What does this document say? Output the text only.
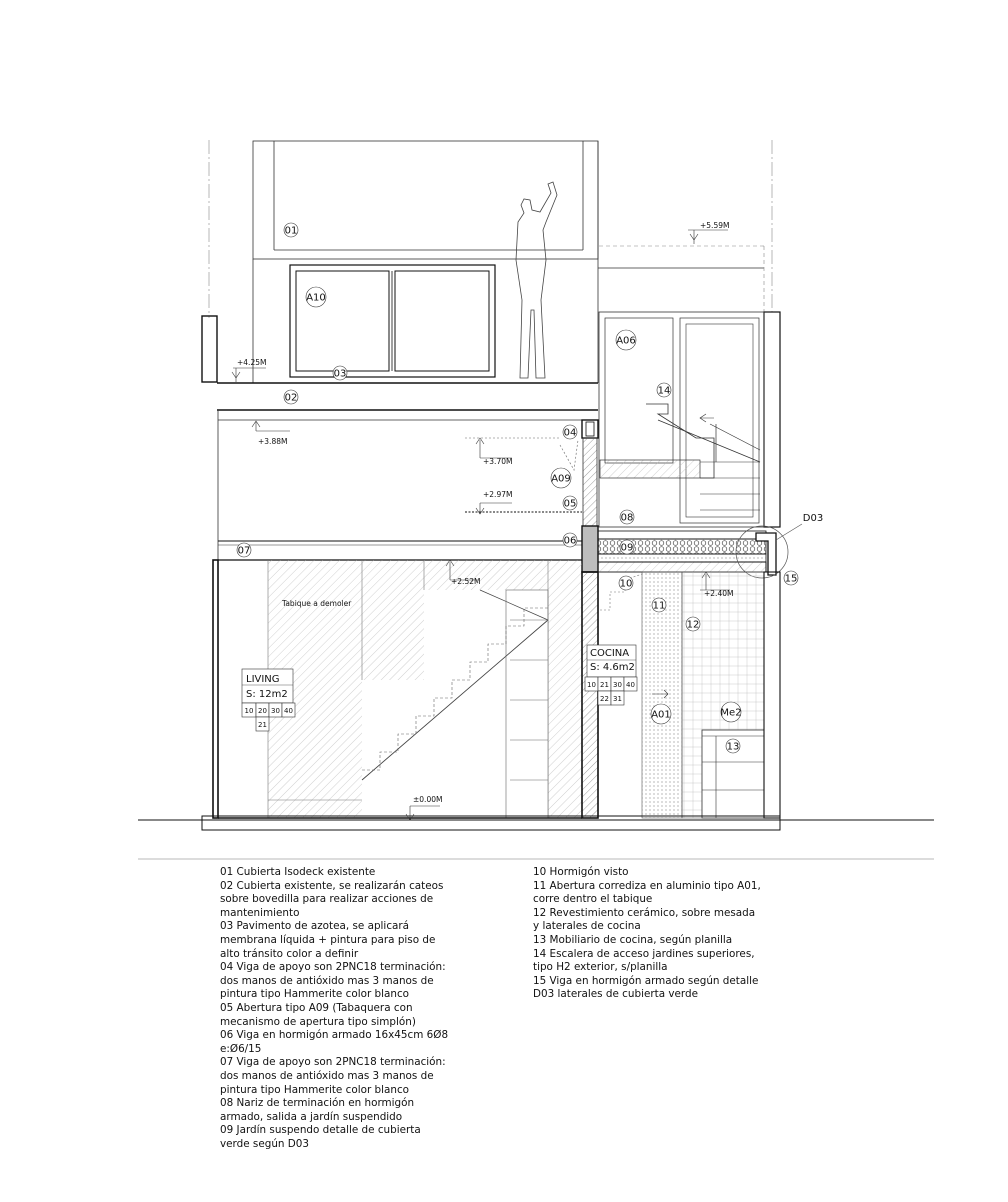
01
A10
03
02
A06
14
04
A09
05
08
06
09
07
D03
15
10
11
12
A01	Me2
13
+5.59M
+4.25M
+3.88M
+3.70M
+2.97M
+2.52M
+2.40M
±0.00M
Tabique a demoler
LIVING
S: 12m2
10 20 30 40
21
COCINA
S: 4.6m2
10 21 30 40
22 31
01 Cubierta Isodeck existente
02 Cubierta existente, se realizarán cateos
sobre bovedilla para realizar acciones de
mantenimiento
03 Pavimento de azotea, se aplicará
membrana líquida + pintura para piso de
alto tránsito color a definir
04 Viga de apoyo son 2PNC18 terminación:
dos manos de antióxido mas 3 manos de
pintura tipo Hammerite color blanco
05 Abertura tipo A09 (Tabaquera con
mecanismo de apertura tipo simplón)
06 Viga en hormigón armado 16x45cm 6Ø8
e:Ø6/15
07 Viga de apoyo son 2PNC18 terminación:
dos manos de antióxido mas 3 manos de
pintura tipo Hammerite color blanco
08 Nariz de terminación en hormigón
armado, salida a jardín suspendido
09 Jardín suspendo detalle de cubierta
verde según D03
10 Hormigón visto
11 Abertura corrediza en aluminio tipo A01,
corre dentro el tabique
12 Revestimiento cerámico, sobre mesada
y laterales de cocina
13 Mobiliario de cocina, según planilla
14 Escalera de acceso jardines superiores,
tipo H2 exterior, s/planilla
15 Viga en hormigón armado según detalle
D03 laterales de cubierta verde
